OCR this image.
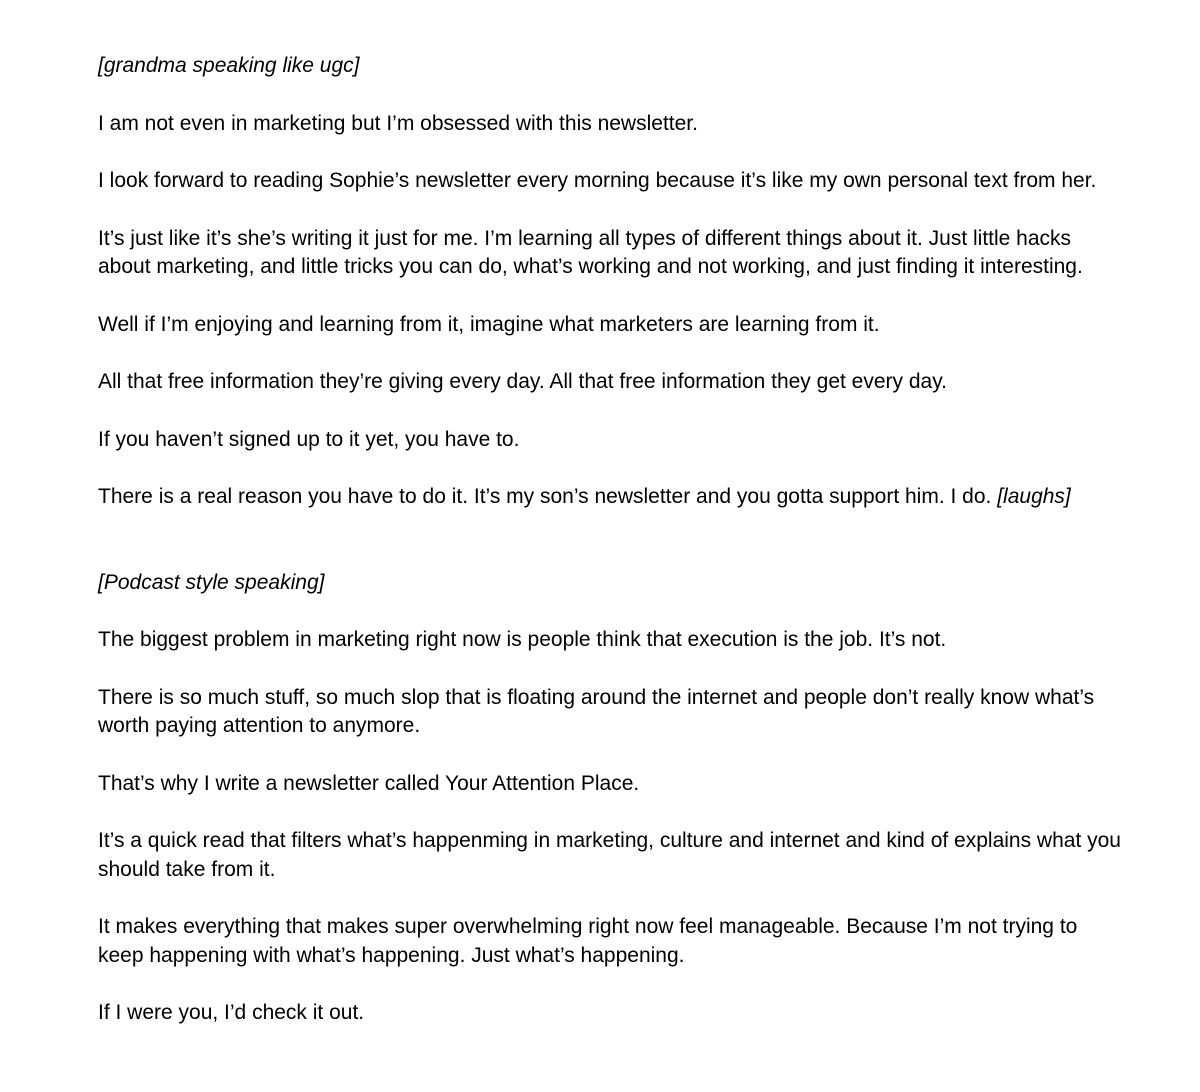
[grandma speaking like ugc]

I am not even in marketing but I’m obsessed with this newsletter.

I look forward to reading Sophie’s newsletter every morning because it’s like my own personal text from her.

It’s just like it’s she’s writing it just for me. I’m learning all types of different things about it. Just little hacks about marketing, and little tricks you can do, what’s working and not working, and just finding it interesting.

Well if I’m enjoying and learning from it, imagine what marketers are learning from it.

All that free information they’re giving every day. All that free information they get every day.

If you haven’t signed up to it yet, you have to.

There is a real reason you have to do it. It’s my son’s newsletter and you gotta support him. I do. [laughs]

[Podcast style speaking]

The biggest problem in marketing right now is people think that execution is the job. It’s not.

There is so much stuff, so much slop that is floating around the internet and people don’t really know what’s worth paying attention to anymore.

That’s why I write a newsletter called Your Attention Place.

It’s a quick read that filters what’s happenming in marketing, culture and internet and kind of explains what you should take from it.

It makes everything that makes super overwhelming right now feel manageable. Because I’m not trying to keep happening with what’s happening. Just what’s happening.

If I were you, I’d check it out.
